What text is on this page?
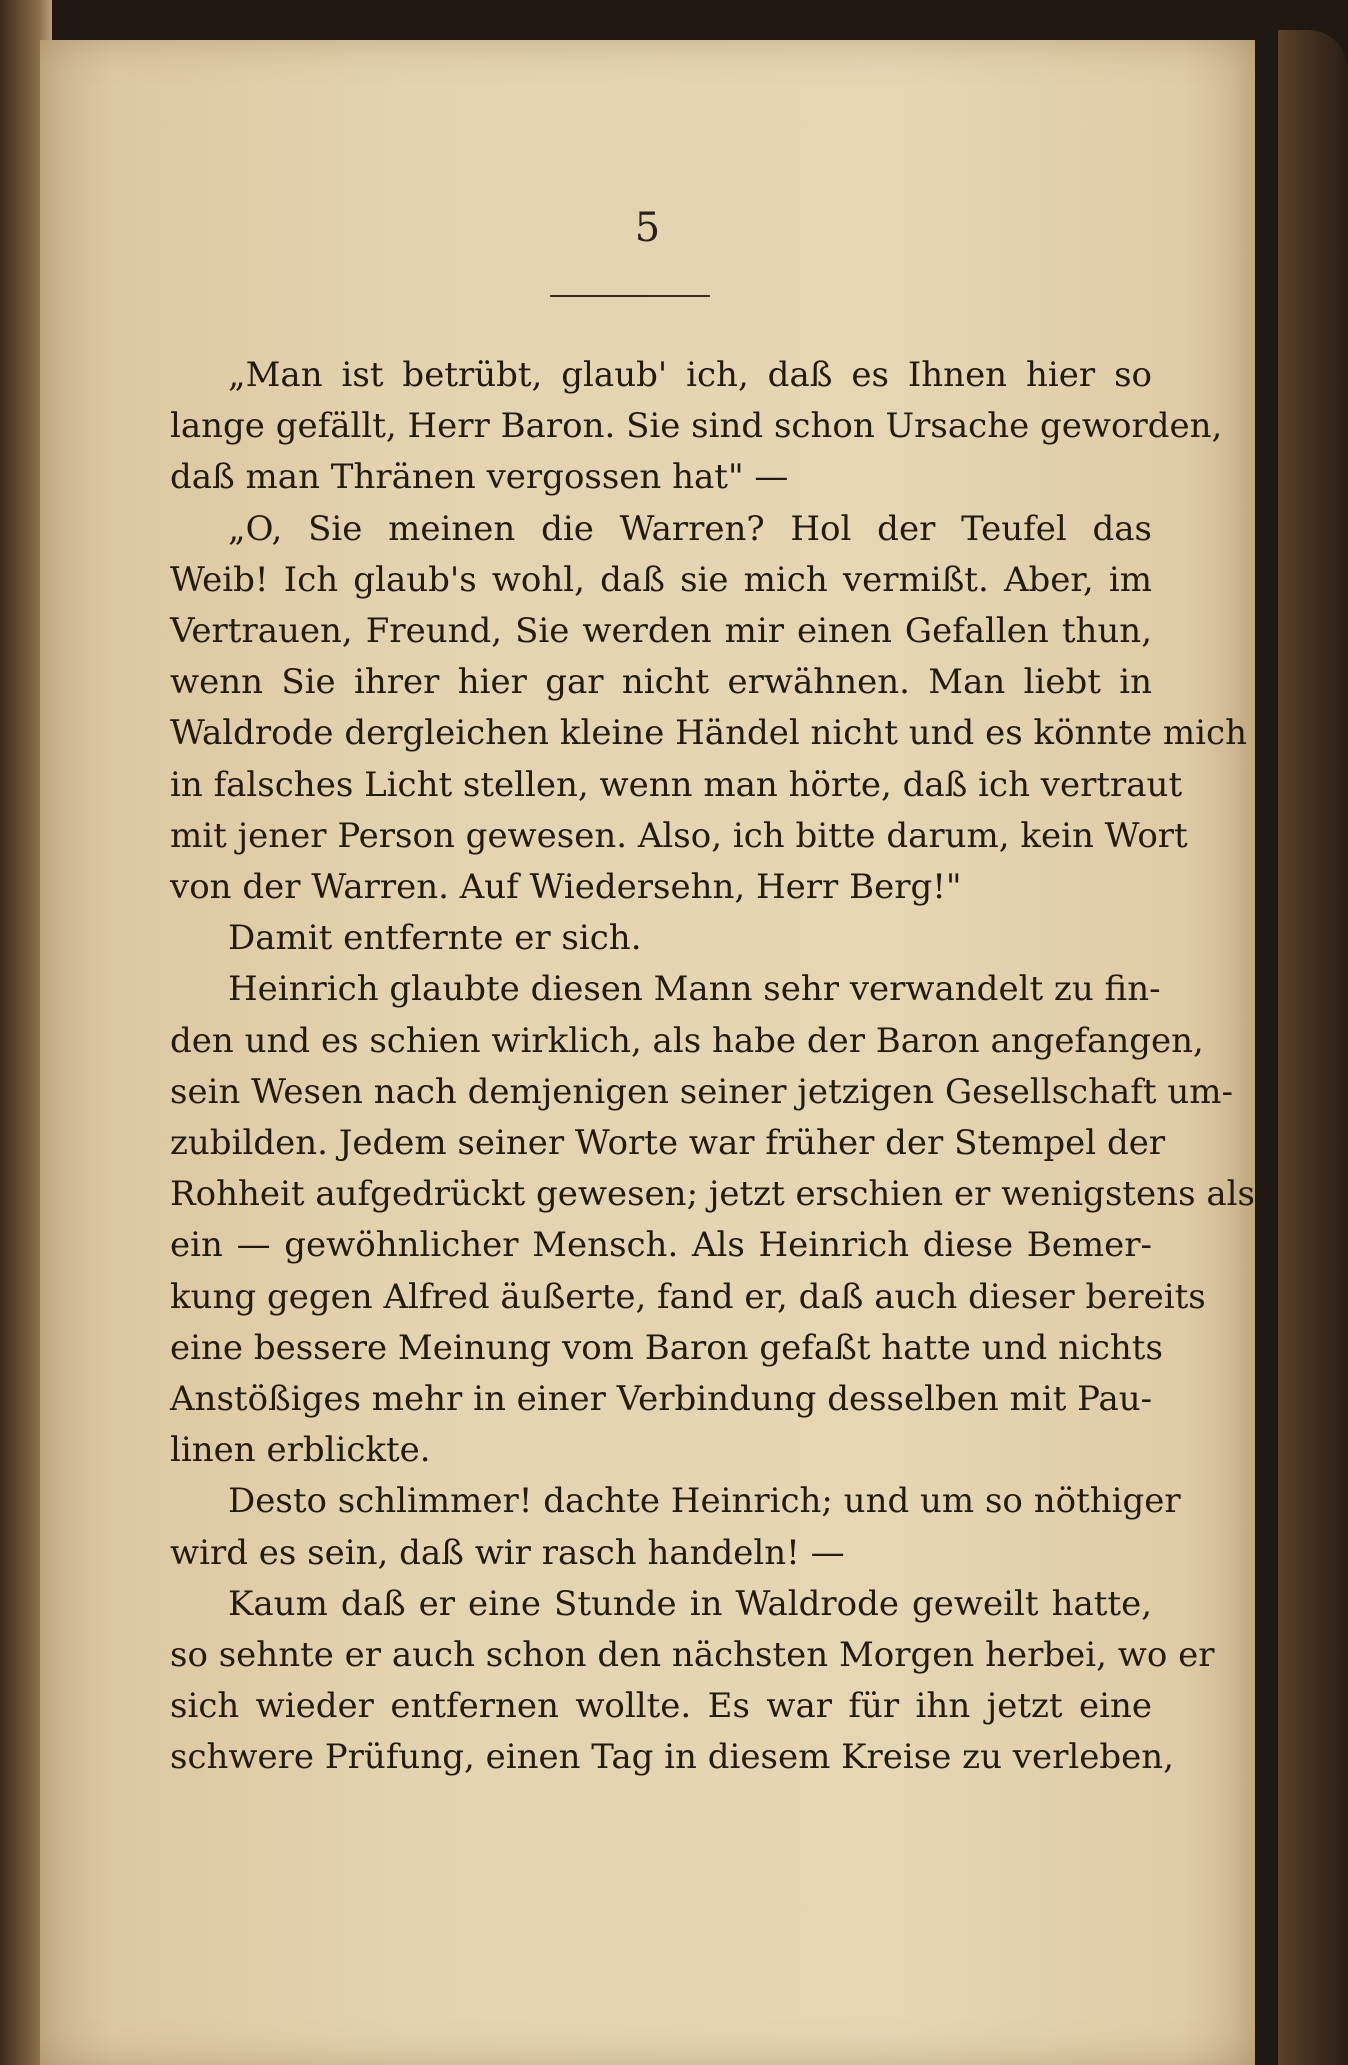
5
„Man ist betrübt, glaub' ich, daß es Ihnen hier so
lange gefällt, Herr Baron. Sie sind schon Ursache geworden,
daß man Thränen vergossen hat" —
„O, Sie meinen die Warren? Hol der Teufel das
Weib! Ich glaub's wohl, daß sie mich vermißt. Aber, im
Vertrauen, Freund, Sie werden mir einen Gefallen thun,
wenn Sie ihrer hier gar nicht erwähnen. Man liebt in
Waldrode dergleichen kleine Händel nicht und es könnte mich
in falsches Licht stellen, wenn man hörte, daß ich vertraut
mit jener Person gewesen. Also, ich bitte darum, kein Wort
von der Warren. Auf Wiedersehn, Herr Berg!"
Damit entfernte er sich.
Heinrich glaubte diesen Mann sehr verwandelt zu fin-
den und es schien wirklich, als habe der Baron angefangen,
sein Wesen nach demjenigen seiner jetzigen Gesellschaft um-
zubilden. Jedem seiner Worte war früher der Stempel der
Rohheit aufgedrückt gewesen; jetzt erschien er wenigstens als
ein — gewöhnlicher Mensch. Als Heinrich diese Bemer-
kung gegen Alfred äußerte, fand er, daß auch dieser bereits
eine bessere Meinung vom Baron gefaßt hatte und nichts
Anstößiges mehr in einer Verbindung desselben mit Pau-
linen erblickte.
Desto schlimmer! dachte Heinrich; und um so nöthiger
wird es sein, daß wir rasch handeln! —
Kaum daß er eine Stunde in Waldrode geweilt hatte,
so sehnte er auch schon den nächsten Morgen herbei, wo er
sich wieder entfernen wollte. Es war für ihn jetzt eine
schwere Prüfung, einen Tag in diesem Kreise zu verleben,
